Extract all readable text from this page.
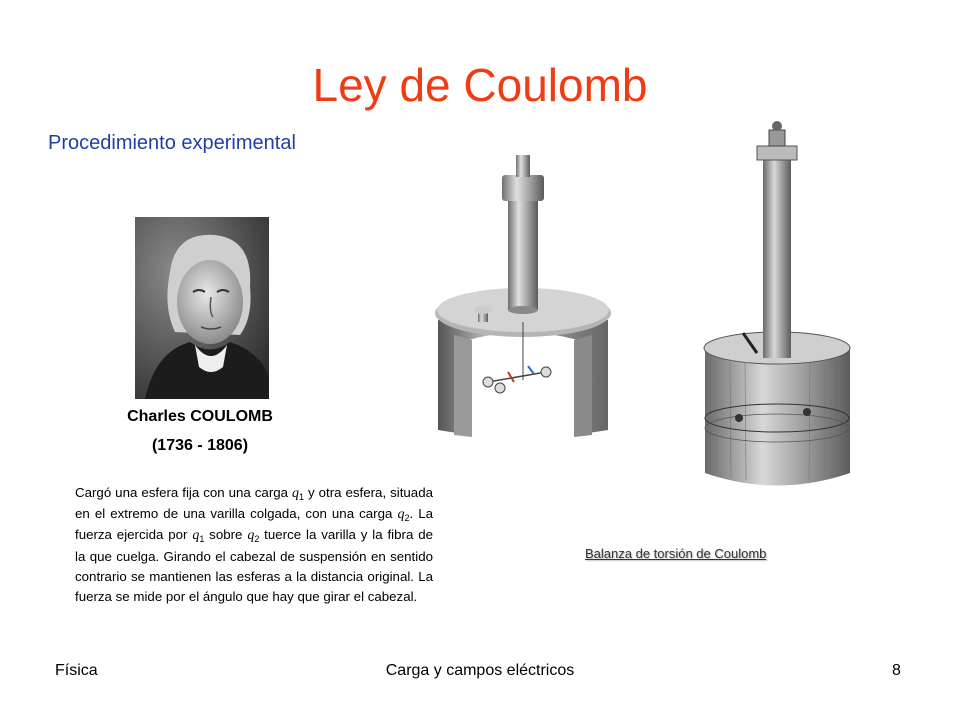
Ley de Coulomb
Procedimiento experimental
Charles COULOMB
(1736 - 1806)
Cargó una esfera fija con una carga $q_1$ y otra esfera, situada en el extremo de una varilla colgada, con una carga $q_2$. La fuerza ejercida por $q_1$ sobre $q_2$ tuerce la varilla y la fibra de la que cuelga. Girando el cabezal de suspensión en sentido contrario se mantienen las esferas a la distancia original. La fuerza se mide por el ángulo que hay que girar el cabezal.
Balanza de torsión de Coulomb
Física	Carga y campos eléctricos	8
